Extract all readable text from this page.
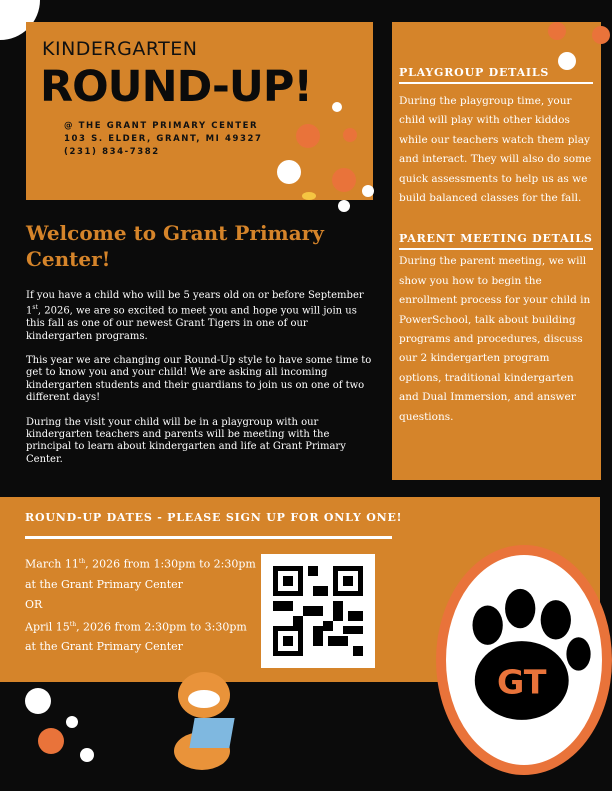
KINDERGARTEN
ROUND-UP!
@ THE GRANT PRIMARY CENTER
103 S. ELDER, GRANT, MI 49327
(231) 834-7382
PLAYGROUP DETAILS
During the playgroup time, your child will play with other kiddos while our teachers watch them play and interact. They will also do some quick assessments to help us as we build balanced classes for the fall.
PARENT MEETING DETAILS
During the parent meeting, we will show you how to begin the enrollment process for your child in PowerSchool, talk about building programs and procedures, discuss our 2 kindergarten program options, traditional kindergarten and Dual Immersion, and answer questions.
Welcome to Grant Primary Center!

If you have a child who will be 5 years old on or before September 1st, 2026, we are so excited to meet you and hope you will join us this fall as one of our newest Grant Tigers in one of our kindergarten programs.

This year we are changing our Round-Up style to have some time to get to know you and your child! We are asking all incoming kindergarten students and their guardians to join us on one of two different days!

During the visit your child will be in a playgroup with our kindergarten teachers and parents will be meeting with the principal to learn about kindergarten and life at Grant Primary Center.

ROUND-UP DATES - PLEASE SIGN UP FOR ONLY ONE!
March 11th, 2026 from 1:30pm to 2:30pm
at the Grant Primary Center
OR
April 15th, 2026 from 2:30pm to 3:30pm
at the Grant Primary Center
GT
